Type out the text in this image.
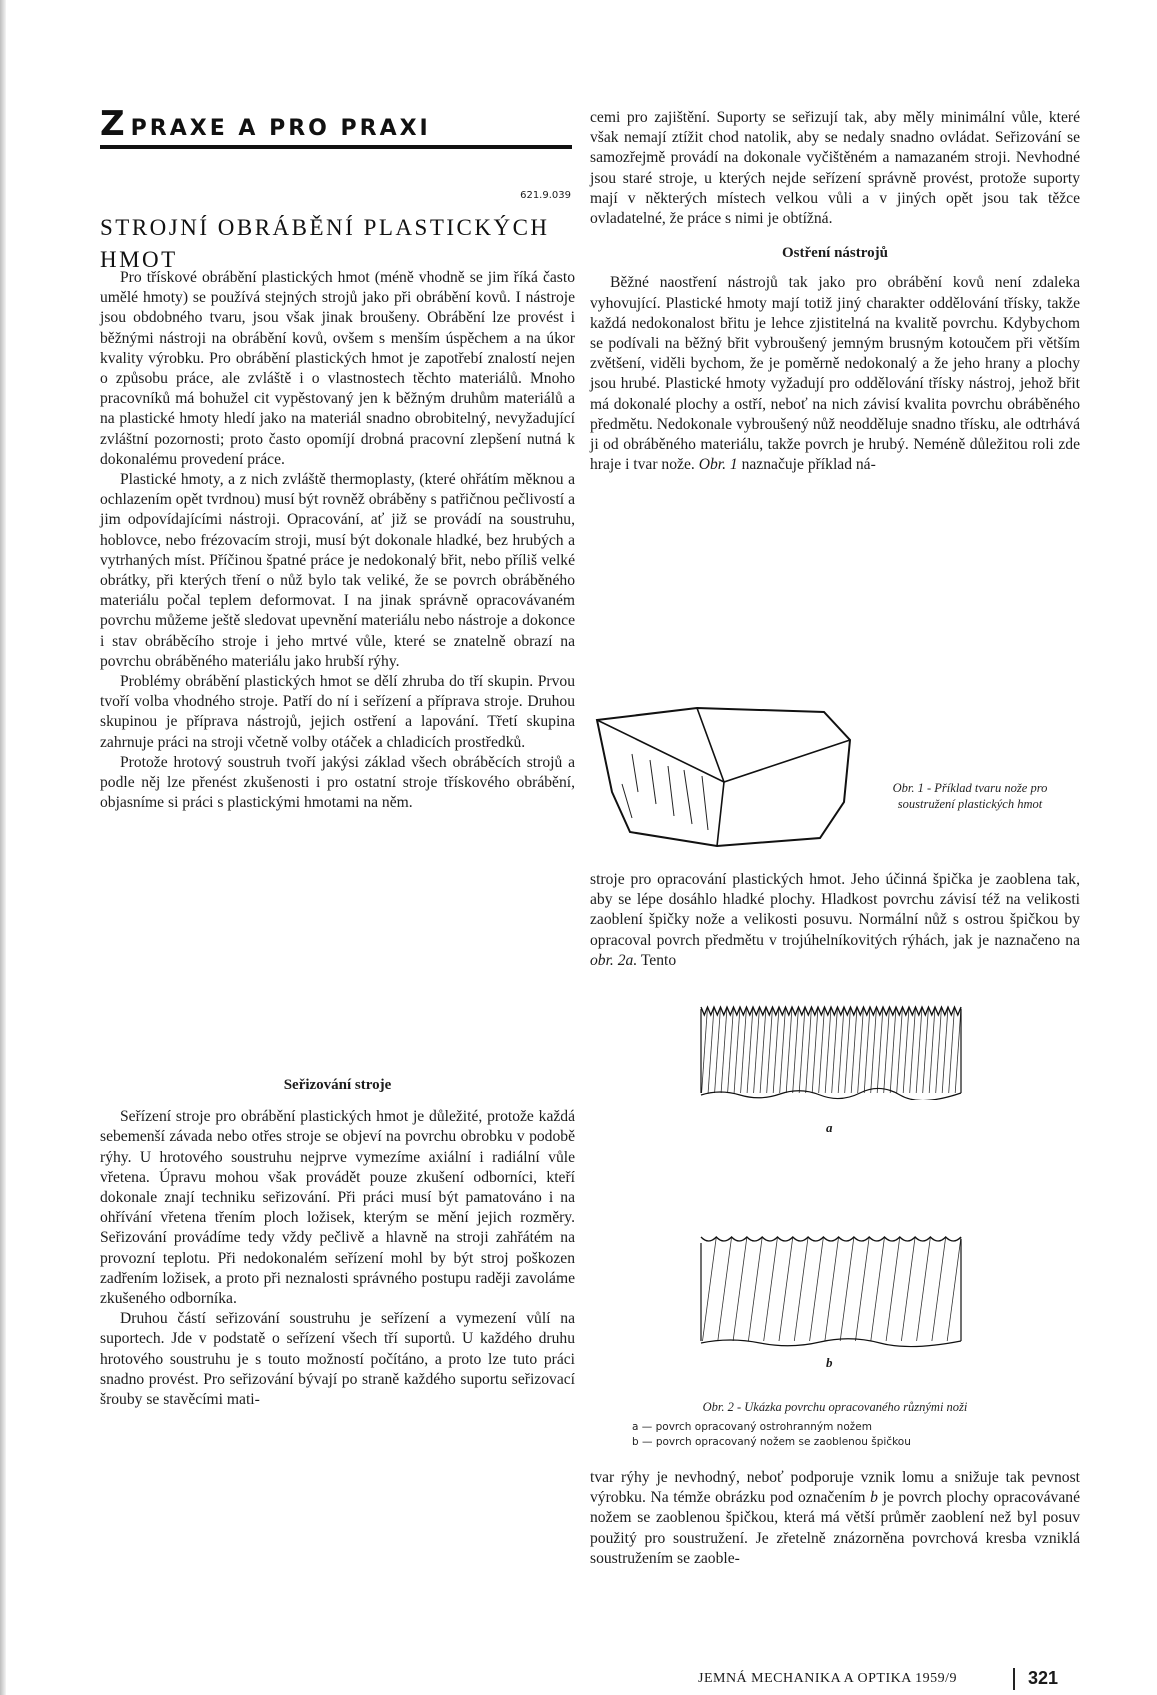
ZPRAXE A PRO PRAXI
621.9.039
STROJNÍ OBRÁBĚNÍ PLASTICKÝCH HMOT

Pro třískové obrábění plastických hmot (méně vhodně se jim říká často umělé hmoty) se používá stejných strojů jako při obrábění kovů. I nástroje jsou obdobného tvaru, jsou však jinak broušeny. Obrábění lze provést i běžnými nástroji na obrábění kovů, ovšem s menším úspěchem a na úkor kvality výrobku. Pro obrábění plastických hmot je zapotřebí znalostí nejen o způsobu práce, ale zvláště i o vlastnostech těchto materiálů. Mnoho pracovníků má bohužel cit vypěstovaný jen k běžným druhům materiálů a na plastické hmoty hledí jako na materiál snadno obrobitelný, nevyžadující zvláštní pozornosti; proto často opomíjí drobná pracovní zlepšení nutná k dokonalému provedení práce.

Plastické hmoty, a z nich zvláště thermoplasty, (které ohřátím měknou a ochlazením opět tvrdnou) musí být rovněž obráběny s patřičnou pečlivostí a jim odpovídajícími nástroji. Opracování, ať již se provádí na soustruhu, hoblovce, nebo frézovacím stroji, musí být dokonale hladké, bez hrubých a vytrhaných míst. Příčinou špatné práce je nedokonalý břit, nebo příliš velké obrátky, při kterých tření o nůž bylo tak veliké, že se povrch obráběného materiálu počal teplem deformovat. I na jinak správně opracovávaném povrchu můžeme ještě sledovat upevnění materiálu nebo nástroje a dokonce i stav obráběcího stroje i jeho mrtvé vůle, které se znatelně obrazí na povrchu obráběného materiálu jako hrubší rýhy.

Problémy obrábění plastických hmot se dělí zhruba do tří skupin. Prvou tvoří volba vhodného stroje. Patří do ní i seřízení a příprava stroje. Druhou skupinou je příprava nástrojů, jejich ostření a lapování. Třetí skupina zahrnuje práci na stroji včetně volby otáček a chladicích prostředků.

Protože hrotový soustruh tvoří jakýsi základ všech obráběcích strojů a podle něj lze přenést zkušenosti i pro ostatní stroje třískového obrábění, objasníme si práci s plastickými hmotami na něm.

Seřizování stroje

Seřízení stroje pro obrábění plastických hmot je důležité, protože každá sebemenší závada nebo otřes stroje se objeví na povrchu obrobku v podobě rýhy. U hrotového soustruhu nejprve vymezíme axiální i radiální vůle vřetena. Úpravu mohou však provádět pouze zkušení odborníci, kteří dokonale znají techniku seřizování. Při práci musí být pamatováno i na ohřívání vřetena třením ploch ložisek, kterým se mění jejich rozměry. Seřizování provádíme tedy vždy pečlivě a hlavně na stroji zahřátém na provozní teplotu. Při nedokonalém seřízení mohl by být stroj poškozen zadřením ložisek, a proto při neznalosti správného postupu raději zavoláme zkušeného odborníka.

Druhou částí seřizování soustruhu je seřízení a vymezení vůlí na suportech. Jde v podstatě o seřízení všech tří suportů. U každého druhu hrotového soustruhu je s touto možností počítáno, a proto lze tuto práci snadno provést. Pro seřizování bývají po straně každého suportu seřizovací šrouby se stavěcími mati-

cemi pro zajištění. Suporty se seřizují tak, aby měly minimální vůle, které však nemají ztížit chod natolik, aby se nedaly snadno ovládat. Seřizování se samozřejmě provádí na dokonale vyčištěném a namazaném stroji. Nevhodné jsou staré stroje, u kterých nejde seřízení správně provést, protože suporty mají v některých místech velkou vůli a v jiných opět jsou tak těžce ovladatelné, že práce s nimi je obtížná.

Ostření nástrojů

Běžné naostření nástrojů tak jako pro obrábění kovů není zdaleka vyhovující. Plastické hmoty mají totiž jiný charakter oddělování třísky, takže každá nedokonalost břitu je lehce zjistitelná na kvalitě povrchu. Kdybychom se podívali na běžný břit vybroušený jemným brusným kotoučem při větším zvětšení, viděli bychom, že je poměrně nedokonalý a že jeho hrany a plochy jsou hrubé. Plastické hmoty vyžadují pro oddělování třísky nástroj, jehož břit má dokonalé plochy a ostří, neboť na nich závisí kvalita povrchu obráběného předmětu. Nedokonale vybroušený nůž neodděluje snadno třísku, ale odtrhává ji od obráběného materiálu, takže povrch je hrubý. Neméně důležitou roli zde hraje i tvar nože. Obr. 1 naznačuje příklad ná-

Obr. 1 - Příklad tvaru nože pro soustružení plastických hmot

stroje pro opracování plastických hmot. Jeho účinná špička je zaoblena tak, aby se lépe dosáhlo hladké plochy. Hladkost povrchu závisí též na velikosti zaoblení špičky nože a velikosti posuvu. Normální nůž s ostrou špičkou by opracoval povrch předmětu v trojúhelníkovitých rýhách, jak je naznačeno na obr. 2a. Tento

a
b
Obr. 2 - Ukázka povrchu opracovaného různými noži
a — povrch opracovaný ostrohranným nožem
b — povrch opracovaný nožem se zaoblenou špičkou

tvar rýhy je nevhodný, neboť podporuje vznik lomu a snižuje tak pevnost výrobku. Na témže obrázku pod označením b je povrch plochy opracovávané nožem se zaoblenou špičkou, která má větší průměr zaoblení než byl posuv použitý pro soustružení. Je zřetelně znázorněna povrchová kresba vzniklá soustružením se zaoble-

JEMNÁ MECHANIKA A OPTIKA 1959/9	321
